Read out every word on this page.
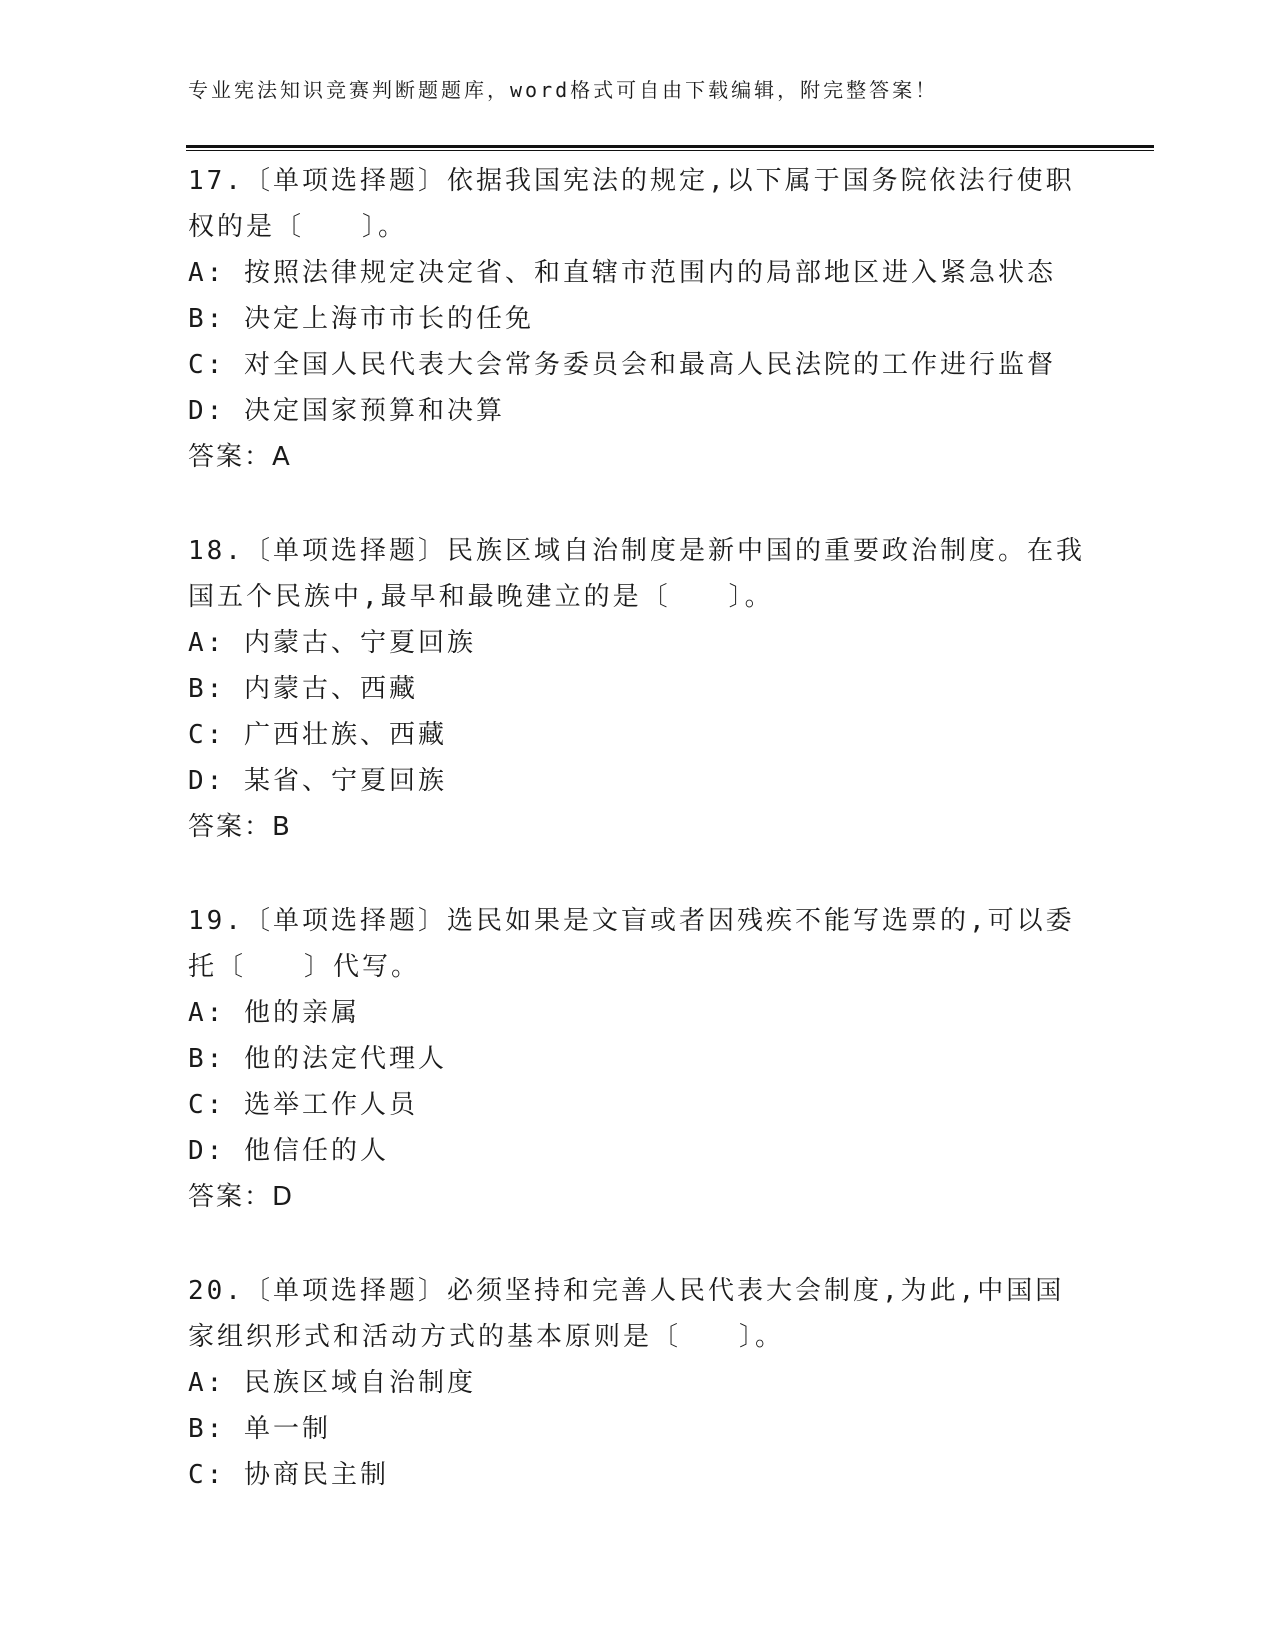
专业宪法知识竞赛判断题题库，word格式可自由下载编辑，附完整答案！

17.〔单项选择题〕依据我国宪法的规定,以下属于国务院依法行使职权的是〔　　〕。

A: 按照法律规定决定省、和直辖市范围内的局部地区进入紧急状态
B: 决定上海市市长的任免
C: 对全国人民代表大会常务委员会和最高人民法院的工作进行监督
D: 决定国家预算和决算
答案：A

18.〔单项选择题〕民族区域自治制度是新中国的重要政治制度。在我国五个民族中,最早和最晚建立的是〔　　〕。

A: 内蒙古、宁夏回族
B: 内蒙古、西藏
C: 广西壮族、西藏
D: 某省、宁夏回族
答案：B

19.〔单项选择题〕选民如果是文盲或者因残疾不能写选票的,可以委托〔　　〕代写。

A: 他的亲属
B: 他的法定代理人
C: 选举工作人员
D: 他信任的人
答案：D

20.〔单项选择题〕必须坚持和完善人民代表大会制度,为此,中国国家组织形式和活动方式的基本原则是〔　　〕。

A: 民族区域自治制度
B: 单一制
C: 协商民主制
